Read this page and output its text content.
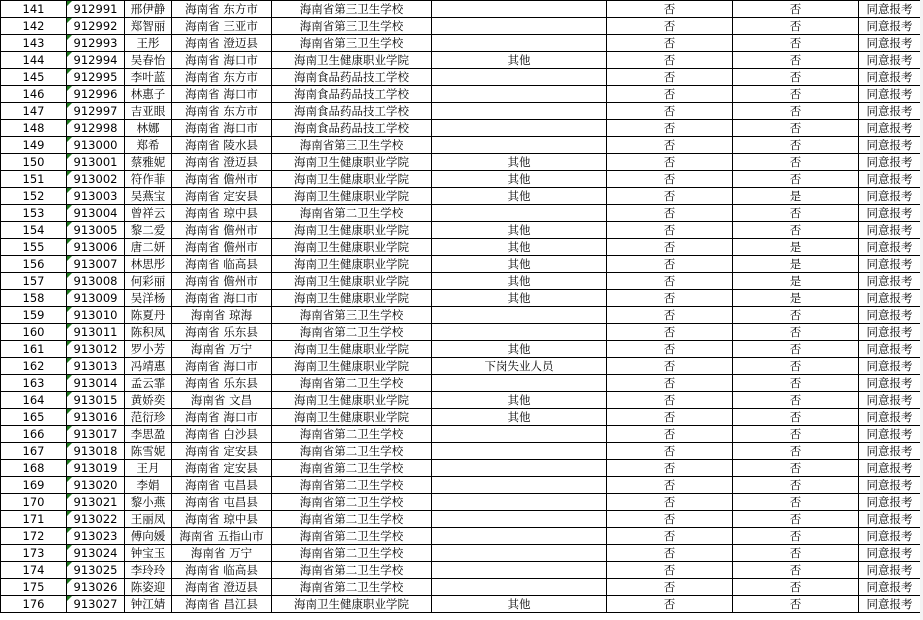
141	912991	邢伊静	海南省 东方市	海南省第三卫生学校		否	否	同意报考
142	912992	郑智丽	海南省 三亚市	海南省第三卫生学校		否	否	同意报考
143	912993	王彤	海南省 澄迈县	海南省第三卫生学校		否	否	同意报考
144	912994	吴春怡	海南省 海口市	海南卫生健康职业学院	其他	否	否	同意报考
145	912995	李叶蓝	海南省 东方市	海南食品药品技工学校		否	否	同意报考
146	912996	林惠子	海南省 海口市	海南食品药品技工学校		否	否	同意报考
147	912997	吉亚眼	海南省 东方市	海南食品药品技工学校		否	否	同意报考
148	912998	林娜	海南省 海口市	海南食品药品技工学校		否	否	同意报考
149	913000	郑希	海南省 陵水县	海南省第三卫生学校		否	否	同意报考
150	913001	蔡雅妮	海南省 澄迈县	海南卫生健康职业学院	其他	否	否	同意报考
151	913002	符作菲	海南省 儋州市	海南卫生健康职业学院	其他	否	否	同意报考
152	913003	吴燕宝	海南省 定安县	海南卫生健康职业学院	其他	否	是	同意报考
153	913004	曾祥云	海南省 琼中县	海南省第二卫生学校		否	否	同意报考
154	913005	黎二爱	海南省 儋州市	海南卫生健康职业学院	其他	否	否	同意报考
155	913006	唐二妍	海南省 儋州市	海南卫生健康职业学院	其他	否	是	同意报考
156	913007	林思彤	海南省 临高县	海南卫生健康职业学院	其他	否	是	同意报考
157	913008	何彩丽	海南省 儋州市	海南卫生健康职业学院	其他	否	是	同意报考
158	913009	吴洋杨	海南省 海口市	海南卫生健康职业学院	其他	否	是	同意报考
159	913010	陈夏丹	海南省 琼海	海南省第三卫生学校		否	否	同意报考
160	913011	陈积凤	海南省 乐东县	海南省第二卫生学校		否	否	同意报考
161	913012	罗小芳	海南省 万宁	海南卫生健康职业学院	其他	否	否	同意报考
162	913013	冯靖惠	海南省 海口市	海南卫生健康职业学院	下岗失业人员	否	否	同意报考
163	913014	孟云霏	海南省 乐东县	海南省第二卫生学校		否	否	同意报考
164	913015	黄娇奕	海南省 文昌	海南卫生健康职业学院	其他	否	否	同意报考
165	913016	范衍珍	海南省 海口市	海南卫生健康职业学院	其他	否	否	同意报考
166	913017	李思盈	海南省 白沙县	海南省第二卫生学校		否	否	同意报考
167	913018	陈雪妮	海南省 定安县	海南省第二卫生学校		否	否	同意报考
168	913019	王月	海南省 定安县	海南省第二卫生学校		否	否	同意报考
169	913020	李娟	海南省 屯昌县	海南省第二卫生学校		否	否	同意报考
170	913021	黎小燕	海南省 屯昌县	海南省第二卫生学校		否	否	同意报考
171	913022	王丽凤	海南省 琼中县	海南省第二卫生学校		否	否	同意报考
172	913023	傅向媛	海南省 五指山市	海南省第二卫生学校		否	否	同意报考
173	913024	钟宝玉	海南省 万宁	海南省第二卫生学校		否	否	同意报考
174	913025	李玲玲	海南省 临高县	海南省第二卫生学校		否	否	同意报考
175	913026	陈姿迎	海南省 澄迈县	海南省第二卫生学校		否	否	同意报考
176	913027	钟江婧	海南省 昌江县	海南卫生健康职业学院	其他	否	否	同意报考
